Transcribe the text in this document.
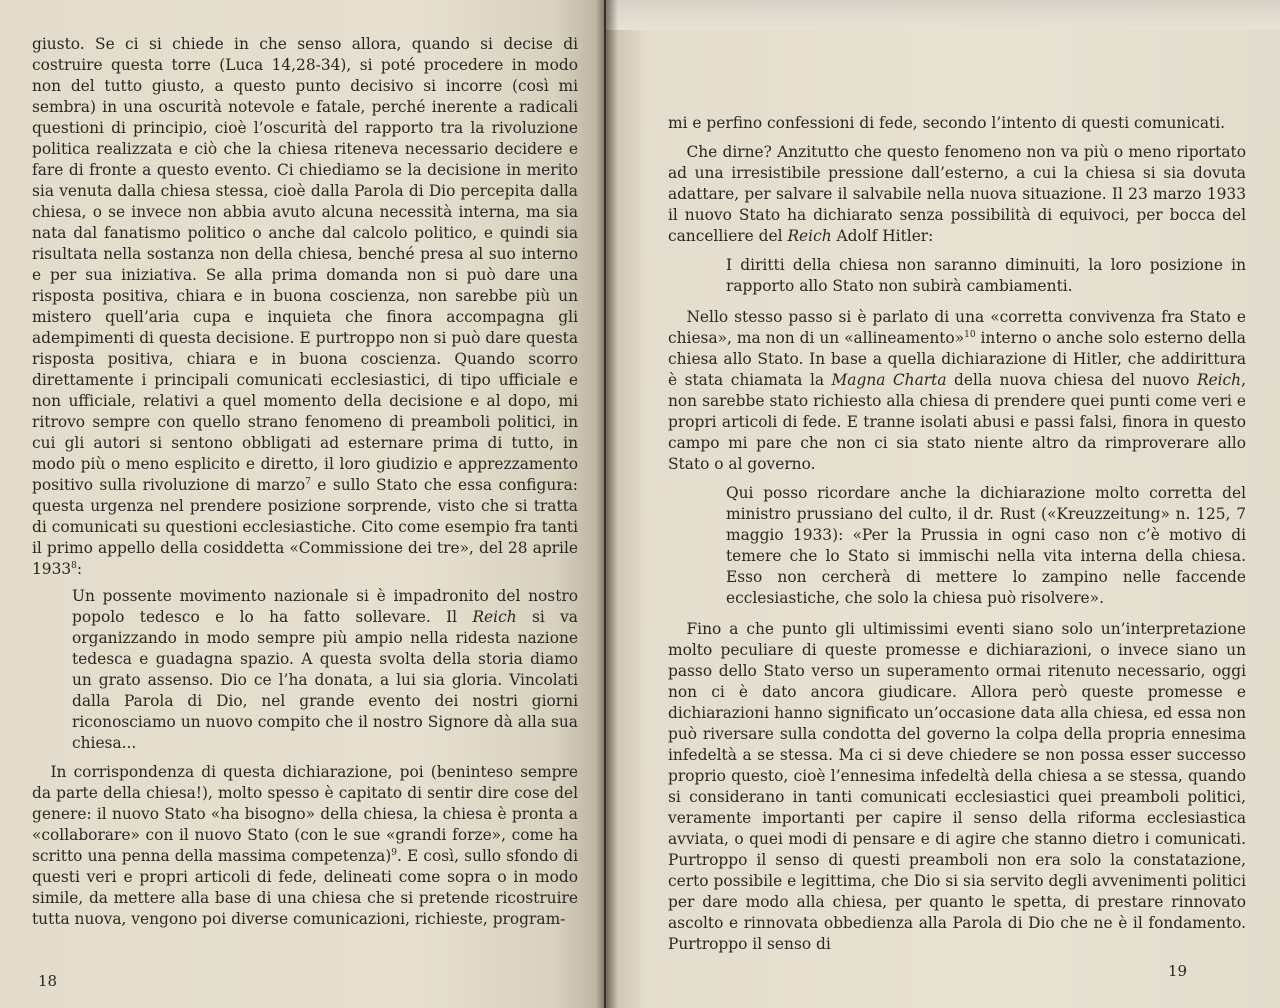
giusto. Se ci si chiede in che senso allora, quando si decise di costruire questa torre (Luca 14,28-34), si poté procedere in modo non del tutto giusto, a questo punto decisivo si incorre (così mi sembra) in una oscurità notevole e fatale, perché inerente a radicali questioni di principio, cioè l’oscurità del rapporto tra la rivoluzione politica realizzata e ciò che la chiesa riteneva necessario decidere e fare di fronte a questo evento. Ci chiediamo se la decisione in merito sia venuta dalla chiesa stessa, cioè dalla Parola di Dio percepita dalla chiesa, o se invece non abbia avuto alcuna necessità interna, ma sia nata dal fanatismo politico o anche dal calcolo politico, e quindi sia risultata nella sostanza non della chiesa, benché presa al suo interno e per sua iniziativa. Se alla prima domanda non si può dare una risposta positiva, chiara e in buona coscienza, non sarebbe più un mistero quell’aria cupa e inquieta che finora accompagna gli adempimenti di questa decisione. E purtroppo non si può dare questa risposta positiva, chiara e in buona coscienza. Quando scorro direttamente i principali comunicati ecclesiastici, di tipo ufficiale e non ufficiale, relativi a quel momento della decisione e al dopo, mi ritrovo sempre con quello strano fenomeno di preamboli politici, in cui gli autori si sentono obbligati ad esternare prima di tutto, in modo più o meno esplicito e diretto, il loro giudizio e apprezzamento positivo sulla rivoluzione di marzo$^7$ e sullo Stato che essa configura: questa urgenza nel prendere posizione sorprende, visto che si tratta di comunicati su questioni ecclesiastiche. Cito come esempio fra tanti il primo appello della cosiddetta «Commissione dei tre», del 28 aprile 1933$^8$:

Un possente movimento nazionale si è impadronito del nostro popolo tedesco e lo ha fatto sollevare. Il Reich si va organizzando in modo sempre più ampio nella ridesta nazione tedesca e guadagna spazio. A questa svolta della storia diamo un grato assenso. Dio ce l’ha donata, a lui sia gloria. Vincolati dalla Parola di Dio, nel grande evento dei nostri giorni riconosciamo un nuovo compito che il nostro Signore dà alla sua chiesa...

In corrispondenza di questa dichiarazione, poi (beninteso sempre da parte della chiesa!), molto spesso è capitato di sentir dire cose del genere: il nuovo Stato «ha bisogno» della chiesa, la chiesa è pronta a «collaborare» con il nuovo Stato (con le sue «grandi forze», come ha scritto una penna della massima competenza)$^9$. E così, sullo sfondo di questi veri e propri articoli di fede, delineati come sopra o in modo simile, da mettere alla base di una chiesa che si pretende ricostruire tutta nuova, vengono poi diverse comunicazioni, richieste, program-

18

mi e perfino confessioni di fede, secondo l’intento di questi comunicati.

Che dirne? Anzitutto che questo fenomeno non va più o meno riportato ad una irresistibile pressione dall’esterno, a cui la chiesa si sia dovuta adattare, per salvare il salvabile nella nuova situazione. Il 23 marzo 1933 il nuovo Stato ha dichiarato senza possibilità di equivoci, per bocca del cancelliere del Reich Adolf Hitler:

I diritti della chiesa non saranno diminuiti, la loro posizione in rapporto allo Stato non subirà cambiamenti.

Nello stesso passo si è parlato di una «corretta convivenza fra Stato e chiesa», ma non di un «allineamento»$^{10}$ interno o anche solo esterno della chiesa allo Stato. In base a quella dichiarazione di Hitler, che addirittura è stata chiamata la Magna Charta della nuova chiesa del nuovo Reich, non sarebbe stato richiesto alla chiesa di prendere quei punti come veri e propri articoli di fede. E tranne isolati abusi e passi falsi, finora in questo campo mi pare che non ci sia stato niente altro da rimproverare allo Stato o al governo.

Qui posso ricordare anche la dichiarazione molto corretta del ministro prussiano del culto, il dr. Rust («Kreuzzeitung» n. 125, 7 maggio 1933): «Per la Prussia in ogni caso non c’è motivo di temere che lo Stato si immischi nella vita interna della chiesa. Esso non cercherà di mettere lo zampino nelle faccende ecclesiastiche, che solo la chiesa può risolvere».

Fino a che punto gli ultimissimi eventi siano solo un’interpretazione molto peculiare di queste promesse e dichiarazioni, o invece siano un passo dello Stato verso un superamento ormai ritenuto necessario, oggi non ci è dato ancora giudicare. Allora però queste promesse e dichiarazioni hanno significato un’occasione data alla chiesa, ed essa non può riversare sulla condotta del governo la colpa della propria ennesima infedeltà a se stessa. Ma ci si deve chiedere se non possa esser successo proprio questo, cioè l’ennesima infedeltà della chiesa a se stessa, quando si considerano in tanti comunicati ecclesiastici quei preamboli politici, veramente importanti per capire il senso della riforma ecclesiastica avviata, o quei modi di pensare e di agire che stanno dietro i comunicati. Purtroppo il senso di questi preamboli non era solo la constatazione, certo possibile e legittima, che Dio si sia servito degli avvenimenti politici per dare modo alla chiesa, per quanto le spetta, di prestare rinnovato ascolto e rinnovata obbedienza alla Parola di Dio che ne è il fondamento. Purtroppo il senso di

19
